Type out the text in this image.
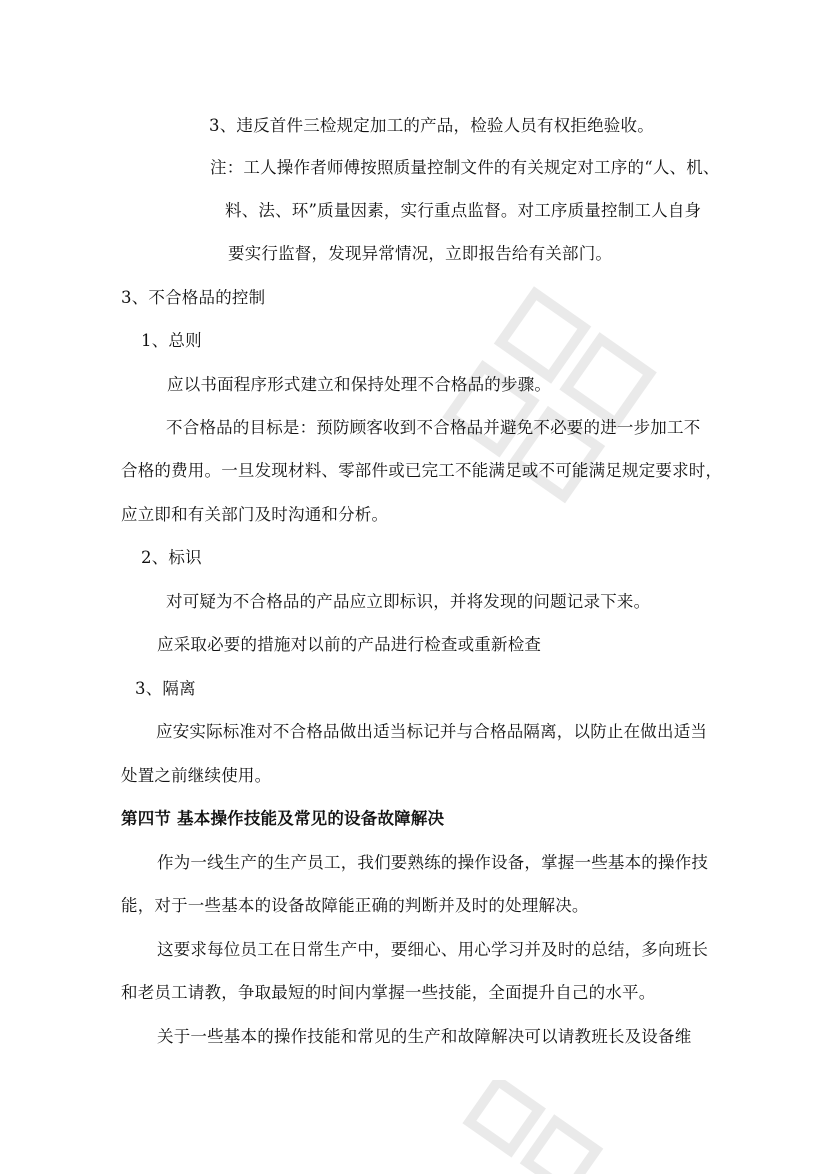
3、违反首件三检规定加工的产品，检验人员有权拒绝验收。
注：工人操作者师傅按照质量控制文件的有关规定对工序的“人、机、
料、法、环”质量因素，实行重点监督。对工序质量控制工人自身
要实行监督，发现异常情况，立即报告给有关部门。
3、不合格品的控制
1、总则
应以书面程序形式建立和保持处理不合格品的步骤。
不合格品的目标是：预防顾客收到不合格品并避免不必要的进一步加工不
合格的费用。一旦发现材料、零部件或已完工不能满足或不可能满足规定要求时，
应立即和有关部门及时沟通和分析。
2、标识
对可疑为不合格品的产品应立即标识，并将发现的问题记录下来。
应采取必要的措施对以前的产品进行检查或重新检查
3、隔离
应安实际标准对不合格品做出适当标记并与合格品隔离，以防止在做出适当
处置之前继续使用。
第四节 基本操作技能及常见的设备故障解决
作为一线生产的生产员工，我们要熟练的操作设备，掌握一些基本的操作技
能，对于一些基本的设备故障能正确的判断并及时的处理解决。
这要求每位员工在日常生产中，要细心、用心学习并及时的总结，多向班长
和老员工请教，争取最短的时间内掌握一些技能，全面提升自己的水平。
关于一些基本的操作技能和常见的生产和故障解决可以请教班长及设备维
